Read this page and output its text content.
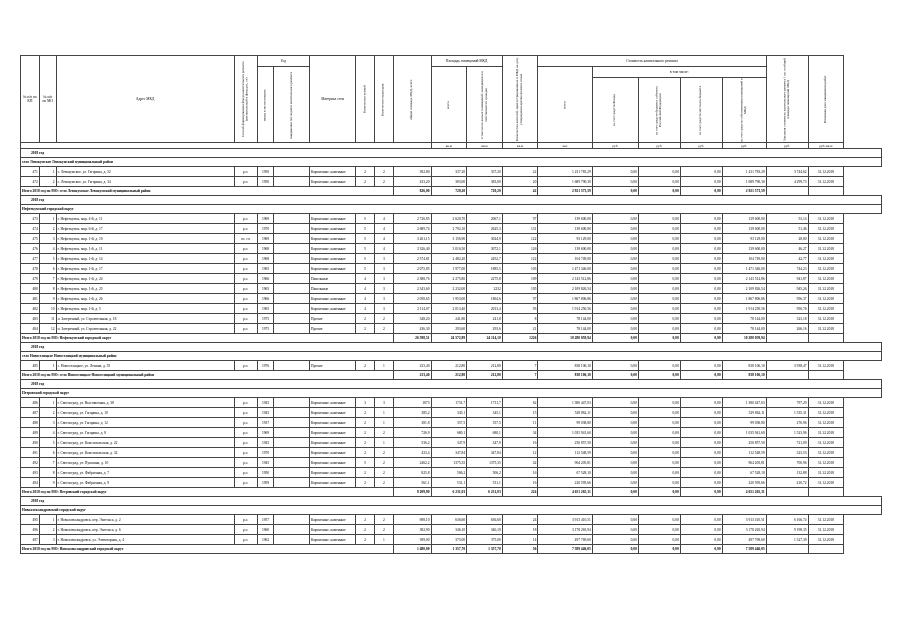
№ п/п по КП	№ п/п по МО	Адрес МКД	Способ формирования фонда капитального ремонта (региональный в фонд ро., сч)	Год		Материал стен	Количество этажей	Количество подъездов	общая площадь МКД, всего	Площадь помещений МКД		Количество жителей, зарегистрированных в МКД на дату утверждения краткосрочного плана	Стоимость капитального ремонта					Удельная стоимость капитального ремонта 1 кв. м общей площади помещений МКД	Плановая дата завершения работ	
				ввода в эксплуатацию	завершения последнего капитального ремонта					всего	в том числе жилых помещений, находящихся в собственности граждан		всего	в том числе:						
														за счет средств Фонда	за счет средств бюджета субъекта Российской Федерации	за счет средств местного бюджета	за счет средств собственников помещений в МКД			
										кв.м	кв.м	кв.м	чел.	руб.	руб.	руб.	руб.	руб.	руб./кв.м	
2018 год																				
село Левокумское Левокумский муниципальный район																				
471	1	с. Левокумское, ул. Гагарина, д. 32	р.о.	1950		Кирпичные, каменные	2	2	392,80	337,20	337,20	22	1 231 783,29	0,00	0,00	0,00	1 231 783,29	3 744,62	31.12.2018	
472	2	с. Левокумское, ул. Гагарина, д. 34	р.о.	1950		Кирпичные, каменные	2	2	433,20	383,00	383,00	20	1 689 790,30	0,00	0,00	0,00	1 689 790,30	4 299,73	31.12.2018	
Итого 2018 год по МО: село Левокумское Левокумский муниципальный район									826,00	720,20	720,20	42	2 921 573,59	0,00	0,00	0,00	2 921 573,59			
2018 год																				
Нефтекумский городской округ																				
473	1	г. Нефтекумск, мкр. 4-й, д. 11	р.о.	1969		Кирпичные, каменные	5	4	2 726,85	2 620,70	2067,1	97	139 600,00	0,00	0,00	0,00	139 600,00	53,14	31.12.2018	
474	2	г. Нефтекумск, мкр. 6-й, д. 17	р.о.	1970		Кирпичные, каменные	5	4	2 689,74	2 792,10	2625,3	131	139 600,00	0,00	0,00	0,00	139 600,00	51,46	31.12.2018	
475	3	г. Нефтекумск, мкр. 1-й, д. 10	сп. сч.	1969		Кирпичные, каменные	5	4	3 261,15	3 156,90	3024,9	122	93 129,00	0,00	0,00	0,00	93 129,00	28,80	31.12.2018	
476	4	г. Нефтекумск, мкр. 1-й, д. 11	р.о.	1968		Кирпичные, каменные	5	4	3 326,40	3 016,50	3072,1	126	139 600,00	0,00	0,00	0,00	139 600,00	46,27	31.12.2018	
477	5	г. Нефтекумск, мкр. 1-й, д. 14	р.о.	1968		Кирпичные, каменные	5	3	2 574,81	2 482,20	2452,7	122	104 749,00	0,00	0,00	0,00	104 749,00	42,77	31.12.2018	
478	6	г. Нефтекумск, мкр. 1-й, д. 17	р.о.	1965		Кирпичные, каменные	5	3	2 075,85	1 977,00	1885,5	103	1 471 346,00	0,00	0,00	0,00	1 471 346,00	744,23	31.12.2018	
479	7	г. Нефтекумск, мкр. 1-й, д. 24	р.о.	1966		Панельные	4	3	2 388,76	2 275,80	2275,8	109	2 143 512,86	0,00	0,00	0,00	2 143 512,86	941,87	31.12.2018	
480	8	г. Нефтекумск, мкр. 1-й, д. 25	р.о.	1965		Панельные	4	3	2 343,60	2 232,00	2232	105	2 109 826,54	0,00	0,00	0,00	2 109 826,54	945,26	31.12.2018	
481	9	г. Нефтекумск, мкр. 1-й, д. 26	р.о.	1966		Кирпичные, каменные	4	3	2 050,65	1 953,00	1864,6	97	1 867 806,86	0,00	0,00	0,00	1 867 806,86	956,37	31.12.2018	
482	10	г. Нефтекумск, мкр. 1-й, д. 5	р.о.	1965		Кирпичные, каменные	4	3	2 114,07	2 013,40	2013,4	93	1 914 250,56	0,00	0,00	0,00	1 914 250,56	950,76	31.12.2018	
483	11	п. Затеречный, ул. Строительная, д. 18	р.о.	1975		Прочие	2	2	348,20	241,80	241,8	8	78 144,00	0,00	0,00	0,00	78 144,00	323,18	31.12.2018	
484	12	п. Затеречный, ул. Строительная, д. 22	р.о.	1975		Прочие	2	2	436,30	293,60	293,6	21	78 144,00	0,00	0,00	0,00	78 144,00	266,16	31.12.2018	
Итого 2018 год по МО: Нефтекумский городской округ									26 598,51	24 572,89	24 114,10	1226	10 280 059,94	0,00	0,00	0,00	10 280 059,94			
2018 год																				
село Новоселицкое Новоселицкий муниципальный район																				
485	1	с. Новоселицкое, ул. Ленина, д. 55	р.о.	1976		Прочие	2	1	233,40	212,80	212,80	7	838 106,10	0,00	0,00	0,00	838 106,10	3 938,47	31.12.2018	
Итого 2018 год по МО: село Новоселицкое Новоселицкий муниципальный район									233,40	212,80	212,80	7	838 106,10	0,00	0,00	0,00	838 106,10			
2018 год																				
Петровский городской округ																				
486	1	г. Светлоград, ул. Выставочная, д. 38	р.о.	1945		Кирпичные, каменные	3	3	1873	1731,7	1731,7	62	1 380 447,03	0,00	0,00	0,00	1 380 447,03	797,29	31.12.2018	
487	2	г. Светлоград, ул. Гагарина, д. 10	р.о.	1945		Кирпичные, каменные	2	1	385,2	345,1	345,1	15	529 862,11	0,00	0,00	0,00	529 862,11	1 535,31	31.12.2018	
488	3	г. Светлоград, ул. Гагарина, д. 12	р.о.	1937		Кирпичные, каменные	2	1	381,8	357,5	357,5	11	99 038,80	0,00	0,00	0,00	99 038,80	276,96	31.12.2018	
489	4	г. Светлоград, ул. Гагарина, д. 8	р.о.	1969		Кирпичные, каменные	2	2	726,9	680,1	680,1	34	1 035 941,60	0,00	0,00	0,00	1 035 941,60	1 523,96	31.12.2018	
490	5	г. Светлоград, ул. Комсомольская, д. 22	р.о.	1945		Кирпичные, каменные	2	1	536,2	347,9	347,9	16	250 857,50	0,00	0,00	0,00	250 857,50	721,09	31.12.2018	
491	6	г. Светлоград, ул. Комсомольская, д. 32	р.о.	1970		Кирпичные, каменные	2	2	433,4	347,84	347,84	12	112 548,59	0,00	0,00	0,00	112 548,59	323,53	31.12.2018	
492	7	г. Светлоград, ул. Пушкина, д. 10	р.о.	1945		Кирпичные, каменные	5	2	2462,2	1375,35	1375,35	42	964 205,81	0,00	0,00	0,00	964 205,81	700,96	31.12.2018	
493	8	г. Светлоград, ул. Фабричная, д. 7	р.о.	1950		Кирпичные, каменные	2	2	825,8	506,2	506,2	16	67 528,10	0,00	0,00	0,00	67 528,10	132,88	31.12.2018	
494	9	г. Светлоград, ул. Фабричная, д. 9	р.о.	1959		Кирпичные, каменные	2	2	561,1	531,1	531,1	16	220 595,66	0,00	0,00	0,00	220 595,66	410,72	31.12.2018	
Итого 2018 год по МО: Петровский городской округ									8 209,90	6 231,03	6 231,03	224	4 651 265,31	0,00	0,00	0,00	4 651 265,31			
2018 год																				
Новоалександровский городской округ																				
495	1	г. Новоалександровск, пер. Энгельса, д. 2	р.о.	1957		Кирпичные, каменные	2	2	698,10	636,60	636,60	24	3 913 410,51	0,00	0,00	0,00	3 913 410,51	6 166,74	31.12.2018	
496	2	г. Новоалександровск, пер. Энгельса, д. 6	р.о.	1960		Кирпичные, каменные	2	2	382,90	346,10	346,10	18	3 178 265,94	0,00	0,00	0,00	3 178 265,94	9 198,35	31.12.2018	
497	3	г. Новоалександровск, ул. Элеваторная, д. 4	р.о.	1962		Кирпичные, каменные	2	1	399,00	375,00	375,00	14	497 769,60	0,00	0,00	0,00	497 769,60	1 327,39	31.12.2018	
Итого 2018 год по МО: Новоалександровский городской округ									1 480,00	1 357,70	1 357,70	56	7 589 446,05	0,00	0,00	0,00	7 589 446,05			
